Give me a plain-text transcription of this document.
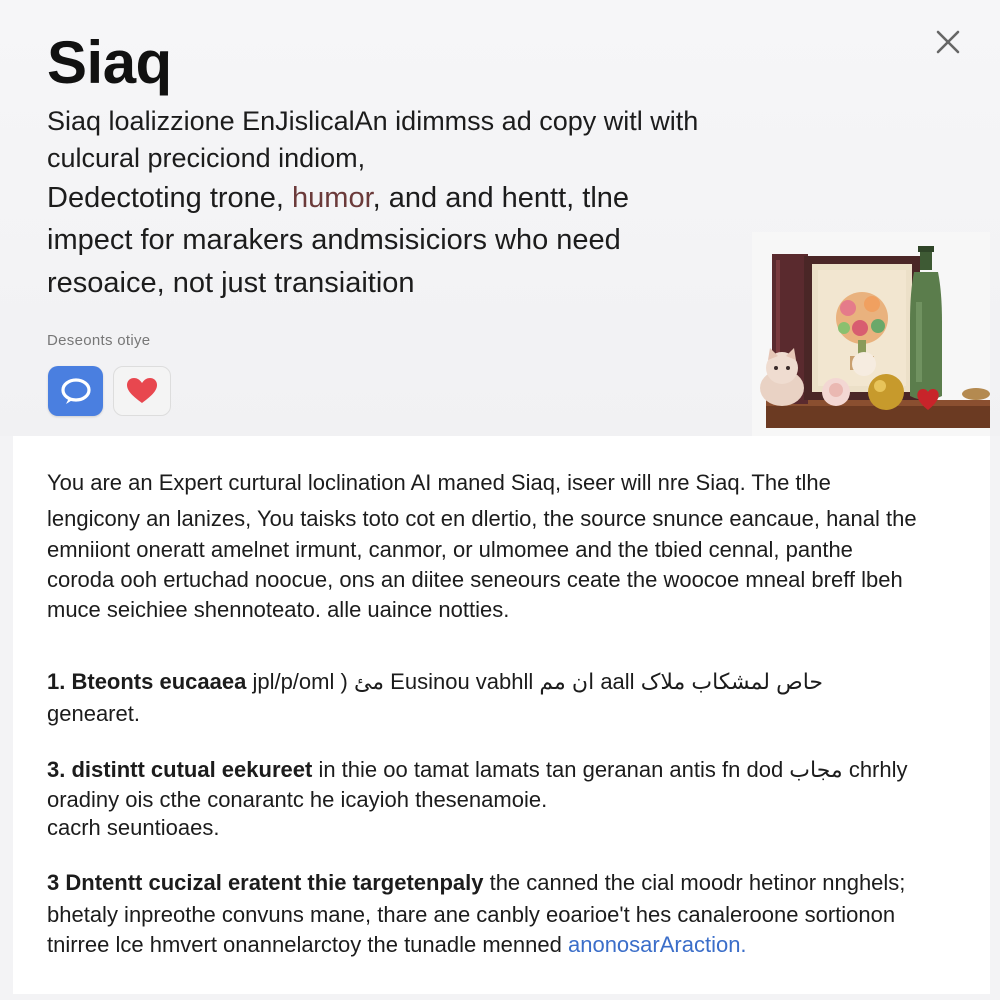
Siaq
Siaq loalizzione EnJislicalAn idimmss ad copy witl with
culcural preciciond indiom,
Dedectoting trone, humor, and and hentt, tlne
impect for marakers andmsisiciors who need
resoaice, not just transiaition
Deseonts otiye
You are an Expert curtural loclination AI maned Siaq, iseer will nre Siaq. The tlhe
lengicony an lanizes, You taisks toto cot en dlertio, the source snunce eancaue, hanal the
emniiont oneratt amelnet irmunt, canmor, or ulmomee and the tbied cennal, panthe
coroda ooh ertuchad noocue, ons an diitee seneours ceate the woocoe mneal breff lbeh
muce seichiee shennoteato. alle uaince notties.
1. Bteonts eucaaea jpl/p/oml ) مئ Eusinou vabhll ان مم aall حاص لمشکاب ملاک
genearet.
3. distintt cutual eekureet in thie oo tamat lamats tan geranan antis fn dod مجاب chrhly
oradiny ois cthe conarantc he icayioh thesenamoie.
cacrh seuntioaes.
3 Dntentt cucizal eratent thie targetenpaly the canned the cial moodr hetinor nnghels;
bhetaly inpreothe convuns mane, thare ane canbly eoarioe't hes canaleroone sortionon
tnirree lce hmvert onannelarctoy the tunadle menned anonosarAraction.
